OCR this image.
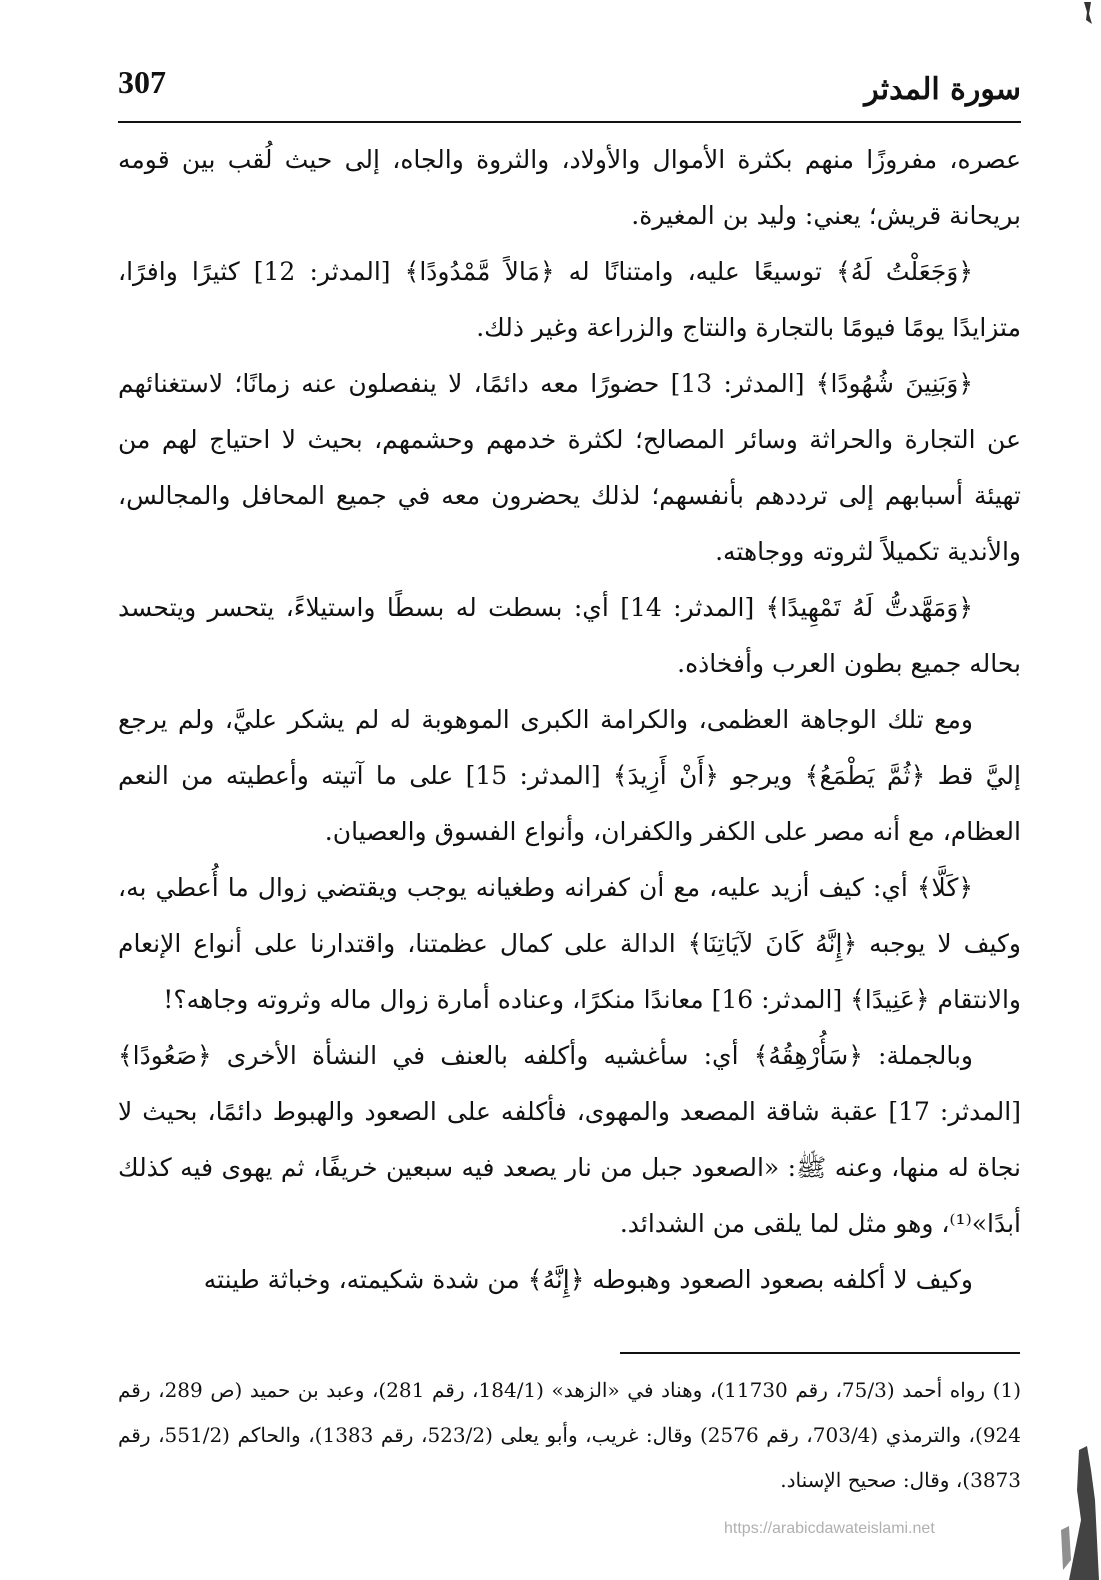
سورة المدثر
307

عصره، مفروزًا منهم بكثرة الأموال والأولاد، والثروة والجاه، إلى حيث لُقب بين قومه بريحانة قريش؛ يعني: وليد بن المغيرة.

﴿وَجَعَلْتُ لَهُ﴾ توسيعًا عليه، وامتنانًا له ﴿مَالاً مَّمْدُودًا﴾ [المدثر: 12] كثيرًا وافرًا، متزايدًا يومًا فيومًا بالتجارة والنتاج والزراعة وغير ذلك.

﴿وَبَنِينَ شُهُودًا﴾ [المدثر: 13] حضورًا معه دائمًا، لا ينفصلون عنه زمانًا؛ لاستغنائهم عن التجارة والحراثة وسائر المصالح؛ لكثرة خدمهم وحشمهم، بحيث لا احتياج لهم من تهيئة أسبابهم إلى ترددهم بأنفسهم؛ لذلك يحضرون معه في جميع المحافل والمجالس، والأندية تكميلاً لثروته ووجاهته.

﴿وَمَهَّدتُّ لَهُ تَمْهِيدًا﴾ [المدثر: 14] أي: بسطت له بسطًا واستيلاءً، يتحسر ويتحسد بحاله جميع بطون العرب وأفخاذه.

ومع تلك الوجاهة العظمى، والكرامة الكبرى الموهوبة له لم يشكر عليَّ، ولم يرجع إليَّ قط ﴿ثُمَّ يَطْمَعُ﴾ ويرجو ﴿أَنْ أَزِيدَ﴾ [المدثر: 15] على ما آتيته وأعطيته من النعم العظام، مع أنه مصر على الكفر والكفران، وأنواع الفسوق والعصيان.

﴿كَلَّا﴾ أي: كيف أزيد عليه، مع أن كفرانه وطغيانه يوجب ويقتضي زوال ما أُعطي به، وكيف لا يوجبه ﴿إِنَّهُ كَانَ لآيَاتِنَا﴾ الدالة على كمال عظمتنا، واقتدارنا على أنواع الإنعام والانتقام ﴿عَنِيدًا﴾ [المدثر: 16] معاندًا منكرًا، وعناده أمارة زوال ماله وثروته وجاهه؟!

وبالجملة: ﴿سَأُرْهِقُهُ﴾ أي: سأغشيه وأكلفه بالعنف في النشأة الأخرى ﴿صَعُودًا﴾ [المدثر: 17] عقبة شاقة المصعد والمهوى، فأكلفه على الصعود والهبوط دائمًا، بحيث لا نجاة له منها، وعنه ﷺ: «الصعود جبل من نار يصعد فيه سبعين خريفًا، ثم يهوى فيه كذلك أبدًا»⁽¹⁾، وهو مثل لما يلقى من الشدائد.

وكيف لا أكلفه بصعود الصعود وهبوطه ﴿إِنَّهُ﴾ من شدة شكيمته، وخباثة طينته

(1) رواه أحمد (75/3، رقم 11730)، وهناد في «الزهد» (184/1، رقم 281)، وعبد بن حميد (ص 289، رقم 924)، والترمذي (703/4، رقم 2576) وقال: غريب، وأبو يعلى (523/2، رقم 1383)، والحاكم (551/2، رقم 3873)، وقال: صحيح الإسناد.

https://arabicdawateislami.net
